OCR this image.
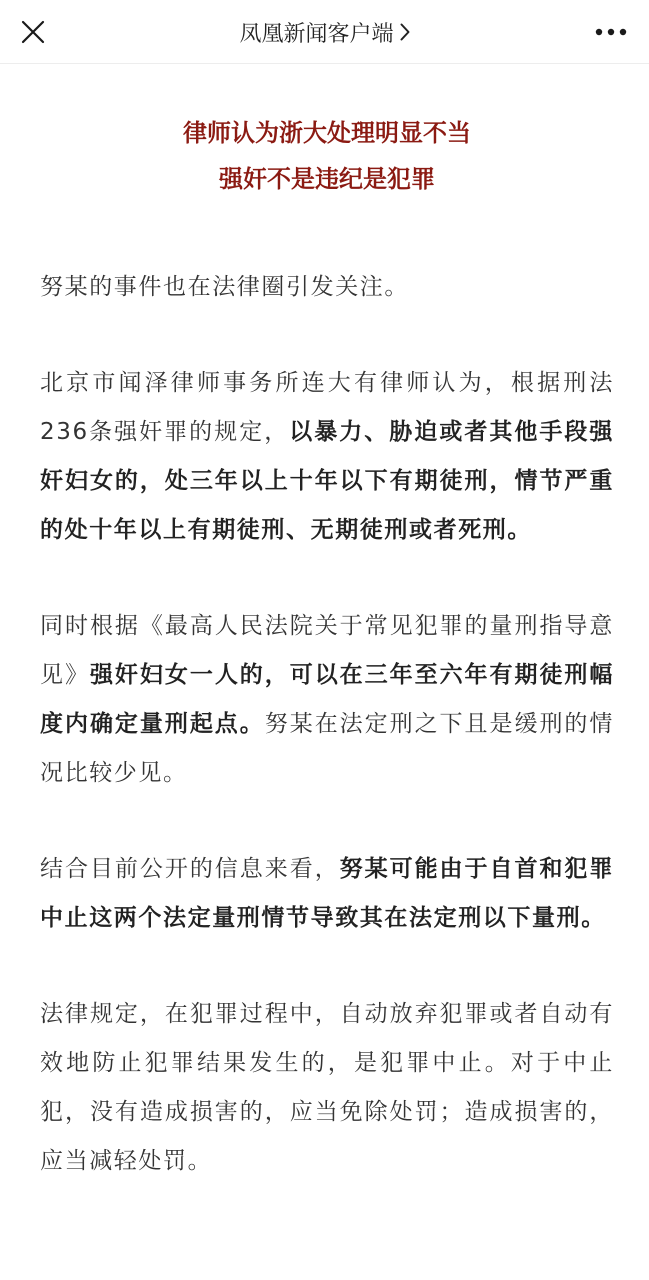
凤凰新闻客户端
律师认为浙大处理明显不当
强奸不是违纪是犯罪

努某的事件也在法律圈引发关注。

北京市闻泽律师事务所连大有律师认为，根据刑法236条强奸罪的规定，以暴力、胁迫或者其他手段强奸妇女的，处三年以上十年以下有期徒刑，情节严重的处十年以上有期徒刑、无期徒刑或者死刑。

同时根据《最高人民法院关于常见犯罪的量刑指导意见》强奸妇女一人的，可以在三年至六年有期徒刑幅度内确定量刑起点。努某在法定刑之下且是缓刑的情况比较少见。

结合目前公开的信息来看，努某可能由于自首和犯罪中止这两个法定量刑情节导致其在法定刑以下量刑。

法律规定，在犯罪过程中，自动放弃犯罪或者自动有效地防止犯罪结果发生的，是犯罪中止。对于中止犯，没有造成损害的，应当免除处罚；造成损害的，应当减轻处罚。
